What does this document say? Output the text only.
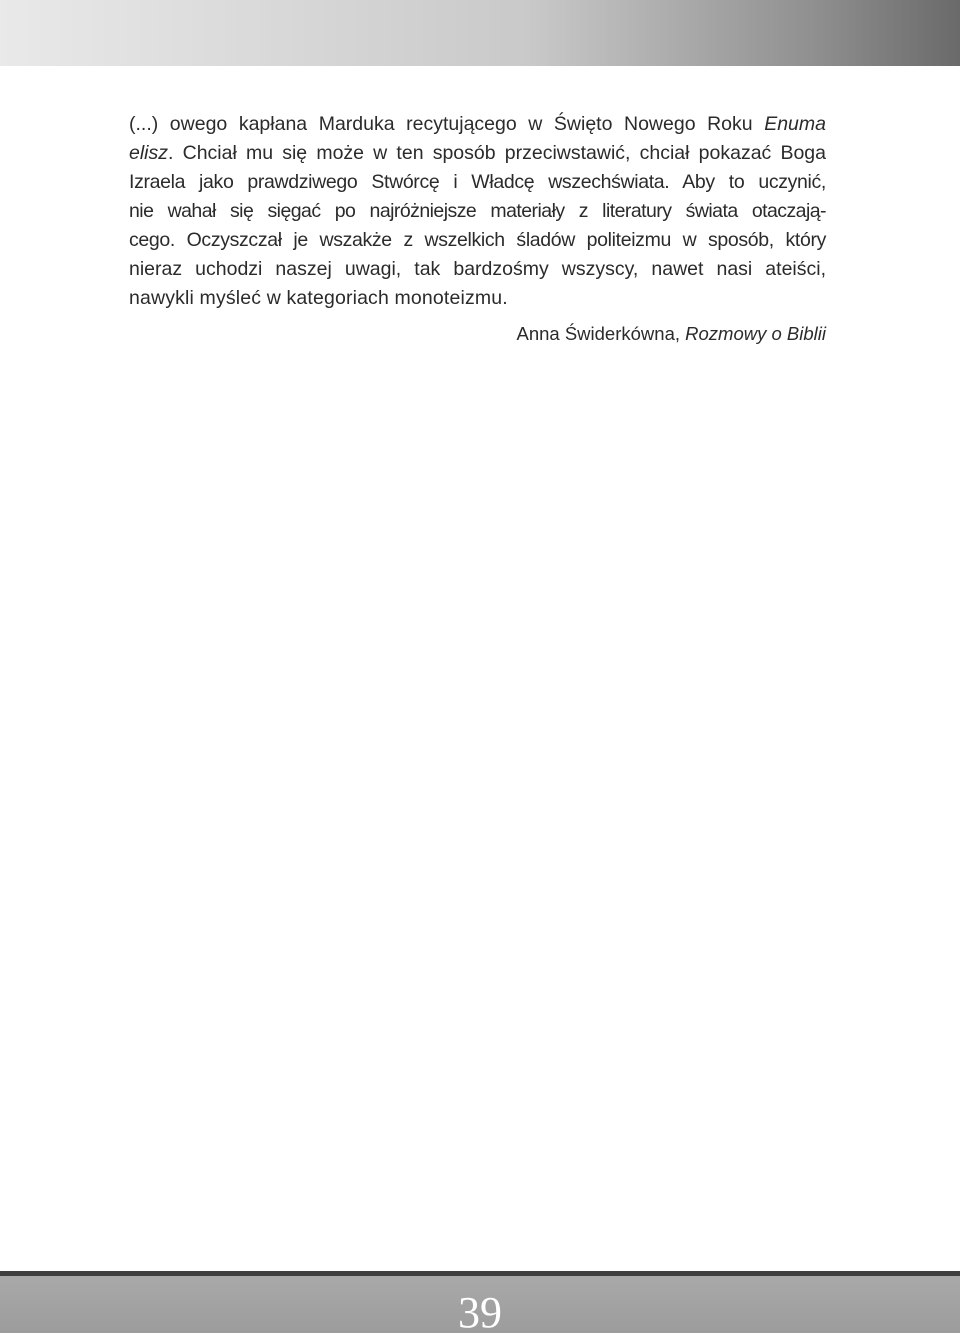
(...) owego kapłana Marduka recytującego w Święto Nowego Roku Enuma
elisz. Chciał mu się może w ten sposób przeciwstawić, chciał pokazać Boga
Izraela jako prawdziwego Stwórcę i Władcę wszechświata. Aby to uczynić,
nie wahał się sięgać po najróżniejsze materiały z literatury świata otaczają-
cego. Oczyszczał je wszakże z wszelkich śladów politeizmu w sposób, który
nieraz uchodzi naszej uwagi, tak bardzośmy wszyscy, nawet nasi ateiści,
nawykli myśleć w kategoriach monoteizmu.
Anna Świderkówna, Rozmowy o Biblii
39
